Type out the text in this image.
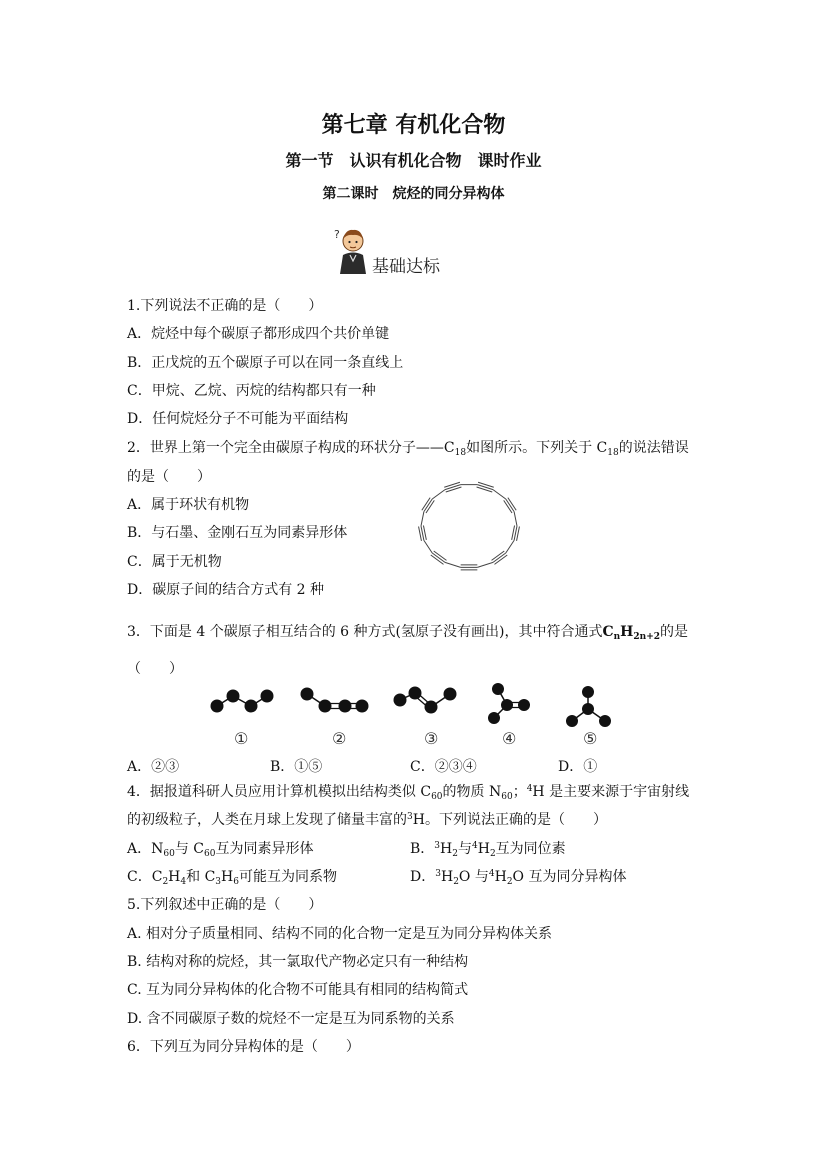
第七章 有机化合物
第一节　认识有机化合物　课时作业
第二课时　烷烃的同分异构体
?
基础达标
1.下列说法不正确的是（　　）
A．烷烃中每个碳原子都形成四个共价单键
B．正戊烷的五个碳原子可以在同一条直线上
C．甲烷、乙烷、丙烷的结构都只有一种
D．任何烷烃分子不可能为平面结构
2．世界上第一个完全由碳原子构成的环状分子$——C_{18}$如图所示。下列关于 $C_{18}$的说法错误
的是（　　）
A．属于环状有机物
B．与石墨、金刚石互为同素异形体
C．属于无机物
D．碳原子间的结合方式有 2 种
3．下面是 4 个碳原子相互结合的 6 种方式(氢原子没有画出)，其中符合通式$C_nH_{2n+2}$的是
（　　）
①	②	③	④	⑤
A．②③	B．①⑤	C．②③④	D．①
4．据报道科研人员应用计算机模拟出结构类似 $C_{60}$的物质 $N_{60}$；$^4$H 是主要来源于宇宙射线
的初级粒子，人类在月球上发现了储量丰富的$^3$H。下列说法正确的是（　　）
A．$N_{60}$与 $C_{60}$互为同素异形体	B．$^3H_2$与$^4H_2$互为同位素
C．$C_2H_4$和 $C_3H_6$可能互为同系物	D．$^3H_2O$ 与$^4H_2O$ 互为同分异构体
5.下列叙述中正确的是（　　）
A. 相对分子质量相同、结构不同的化合物一定是互为同分异构体关系
B. 结构对称的烷烃，其一氯取代产物必定只有一种结构
C. 互为同分异构体的化合物不可能具有相同的结构简式
D. 含不同碳原子数的烷烃不一定是互为同系物的关系
6．下列互为同分异构体的是（　　）
